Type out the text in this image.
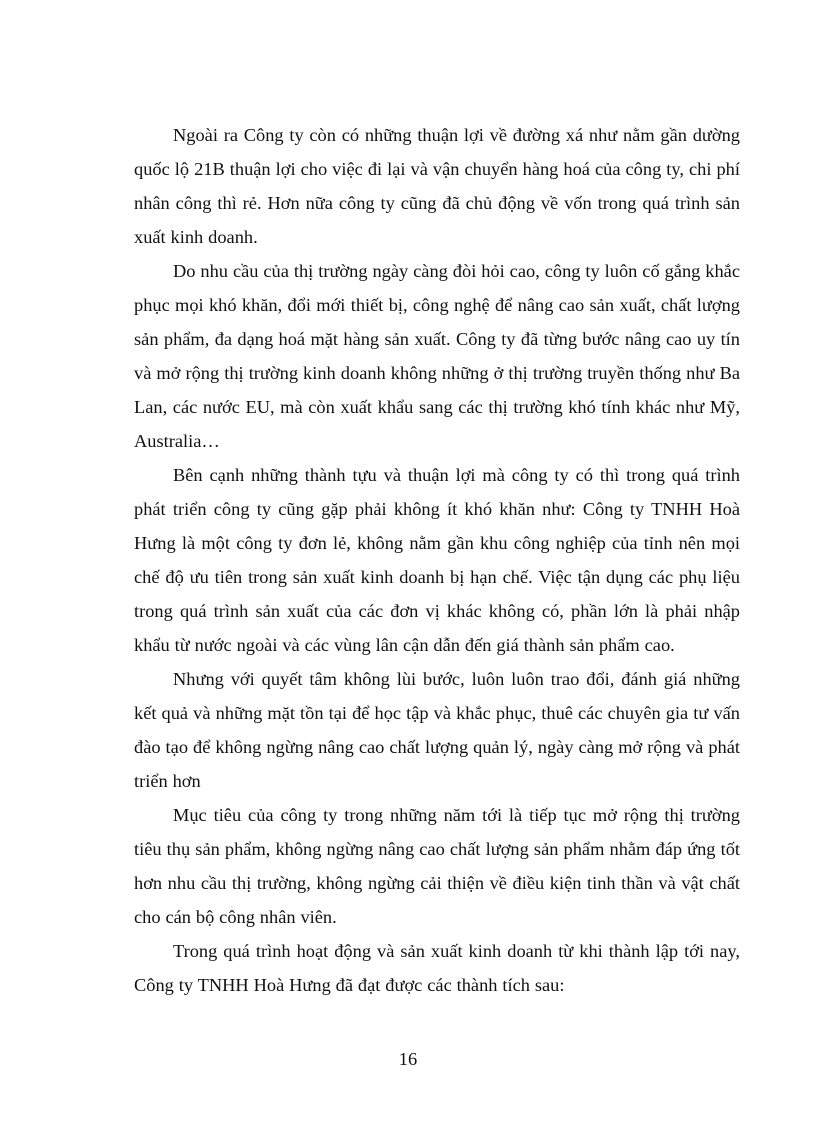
Ngoài ra Công ty còn có những thuận lợi về đường xá như nằm gần dường quốc lộ 21B thuận lợi cho việc đi lại và vận chuyển hàng hoá của công ty, chi phí nhân công thì rẻ. Hơn nữa công ty cũng đã chủ động về vốn trong quá trình sản xuất kinh doanh.

Do nhu cầu của thị trường ngày càng đòi hỏi cao, công ty luôn cố gắng khắc phục mọi khó khăn, đổi mới thiết bị, công nghệ để nâng cao sản xuất, chất lượng sản phẩm, đa dạng hoá mặt hàng sản xuất. Công ty đã từng bước nâng cao uy tín và mở rộng thị trường kinh doanh không những ở thị trường truyền thống như Ba Lan, các nước EU, mà còn xuất khẩu sang các thị trường khó tính khác như Mỹ, Australia…

Bên cạnh những thành tựu và thuận lợi mà công ty có thì trong quá trình phát triển công ty cũng gặp phải không ít khó khăn như: Công ty TNHH Hoà Hưng là một công ty đơn lẻ, không nằm gần khu công nghiệp của tỉnh nên mọi chế độ ưu tiên trong sản xuất kinh doanh bị hạn chế. Việc tận dụng các phụ liệu trong quá trình sản xuất của các đơn vị khác không có, phần lớn là phải nhập khẩu từ nước ngoài và các vùng lân cận dẫn đến giá thành sản phẩm cao.

Nhưng với quyết tâm không lùi bước, luôn luôn trao đổi, đánh giá những kết quả và những mặt tồn tại để học tập và khắc phục, thuê các chuyên gia tư vấn đào tạo để không ngừng nâng cao chất lượng quản lý, ngày càng mở rộng và phát triển hơn

Mục tiêu của công ty trong những năm tới là tiếp tục mở rộng thị trường tiêu thụ sản phẩm, không ngừng nâng cao chất lượng sản phẩm nhằm đáp ứng tốt hơn nhu cầu thị trường, không ngừng cải thiện về điều kiện tinh thần và vật chất cho cán bộ công nhân viên.

Trong quá trình hoạt động và sản xuất kinh doanh từ khi thành lập tới nay, Công ty TNHH Hoà Hưng đã đạt được các thành tích sau:

16
